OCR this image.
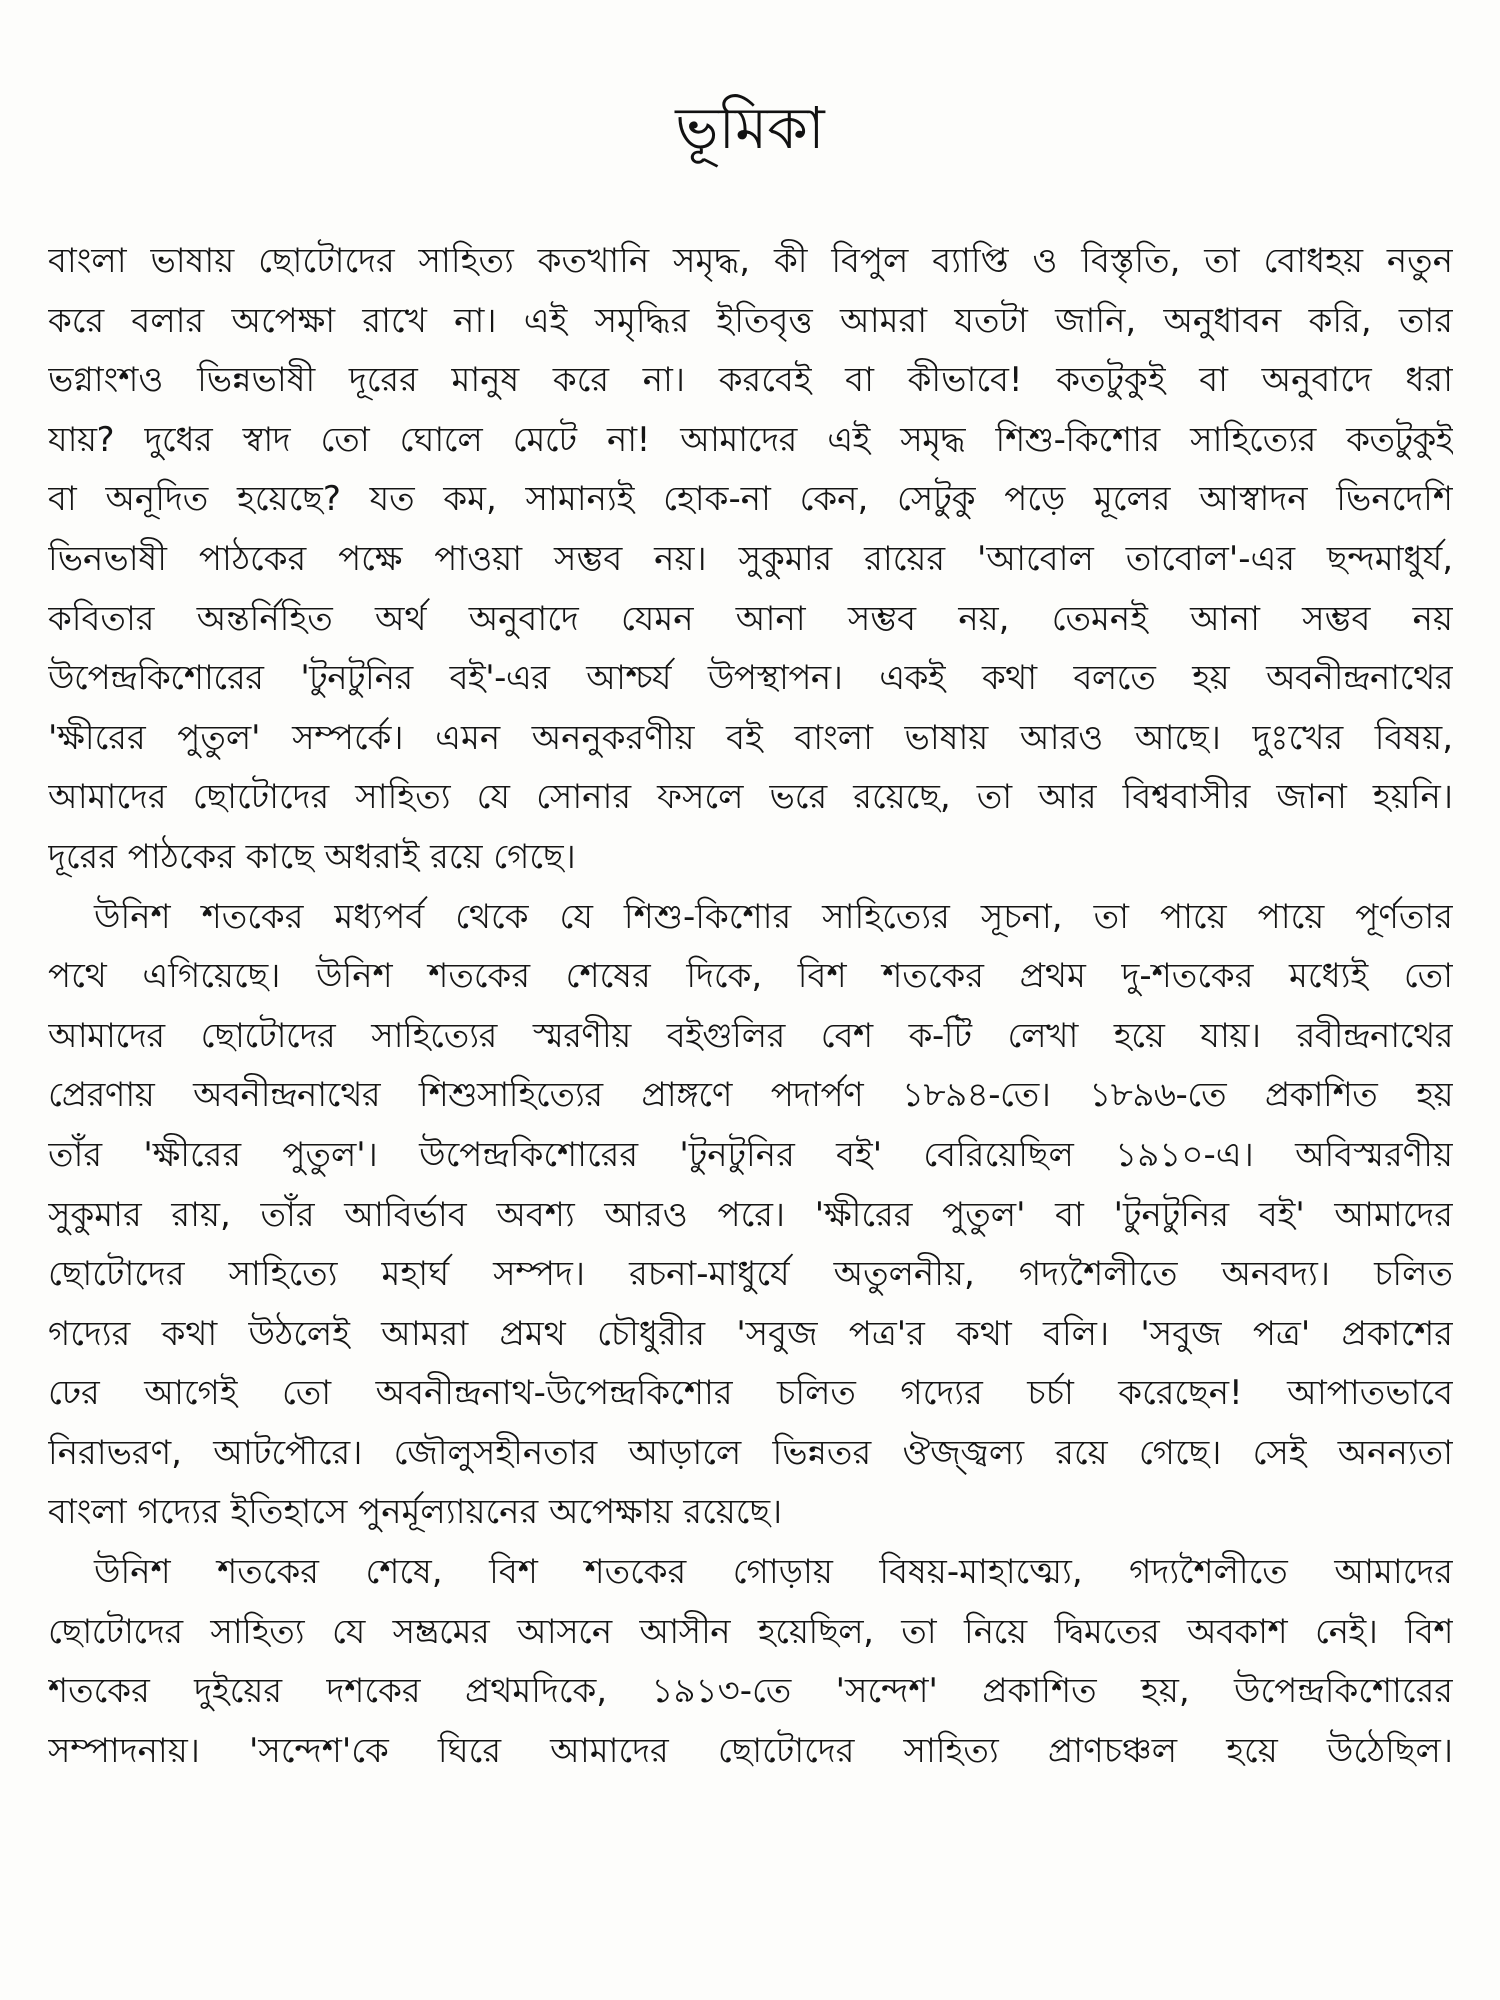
ভূমিকা
বাংলা ভাষায় ছোটোদের সাহিত্য কতখানি সমৃদ্ধ, কী বিপুল ব্যাপ্তি ও বিস্তৃতি, তা বোধহয় নতুন
করে বলার অপেক্ষা রাখে না। এই সমৃদ্ধির ইতিবৃত্ত আমরা যতটা জানি, অনুধাবন করি, তার
ভগ্নাংশও ভিন্নভাষী দূরের মানুষ করে না। করবেই বা কীভাবে! কতটুকুই বা অনুবাদে ধরা
যায়? দুধের স্বাদ তো ঘোলে মেটে না! আমাদের এই সমৃদ্ধ শিশু-কিশোর সাহিত্যের কতটুকুই
বা অনূদিত হয়েছে? যত কম, সামান্যই হোক-না কেন, সেটুকু পড়ে মূলের আস্বাদন ভিনদেশি
ভিনভাষী পাঠকের পক্ষে পাওয়া সম্ভব নয়। সুকুমার রায়ের 'আবোল তাবোল'-এর ছন্দমাধুর্য,
কবিতার অন্তর্নিহিত অর্থ অনুবাদে যেমন আনা সম্ভব নয়, তেমনই আনা সম্ভব নয়
উপেন্দ্রকিশোরের 'টুনটুনির বই'-এর আশ্চর্য উপস্থাপন। একই কথা বলতে হয় অবনীন্দ্রনাথের
'ক্ষীরের পুতুল' সম্পর্কে। এমন অননুকরণীয় বই বাংলা ভাষায় আরও আছে। দুঃখের বিষয়,
আমাদের ছোটোদের সাহিত্য যে সোনার ফসলে ভরে রয়েছে, তা আর বিশ্ববাসীর জানা হয়নি।
দূরের পাঠকের কাছে অধরাই রয়ে গেছে।
উনিশ শতকের মধ্যপর্ব থেকে যে শিশু-কিশোর সাহিত্যের সূচনা, তা পায়ে পায়ে পূর্ণতার
পথে এগিয়েছে। উনিশ শতকের শেষের দিকে, বিশ শতকের প্রথম দু-শতকের মধ্যেই তো
আমাদের ছোটোদের সাহিত্যের স্মরণীয় বইগুলির বেশ ক-টি লেখা হয়ে যায়। রবীন্দ্রনাথের
প্রেরণায় অবনীন্দ্রনাথের শিশুসাহিত্যের প্রাঙ্গণে পদার্পণ ১৮৯৪-তে। ১৮৯৬-তে প্রকাশিত হয়
তাঁর 'ক্ষীরের পুতুল'। উপেন্দ্রকিশোরের 'টুনটুনির বই' বেরিয়েছিল ১৯১০-এ। অবিস্মরণীয়
সুকুমার রায়, তাঁর আবির্ভাব অবশ্য আরও পরে। 'ক্ষীরের পুতুল' বা 'টুনটুনির বই' আমাদের
ছোটোদের সাহিত্যে মহার্ঘ সম্পদ। রচনা-মাধুর্যে অতুলনীয়, গদ্যশৈলীতে অনবদ্য। চলিত
গদ্যের কথা উঠলেই আমরা প্রমথ চৌধুরীর 'সবুজ পত্র'র কথা বলি। 'সবুজ পত্র' প্রকাশের
ঢের আগেই তো অবনীন্দ্রনাথ-উপেন্দ্রকিশোর চলিত গদ্যের চর্চা করেছেন! আপাতভাবে
নিরাভরণ, আটপৌরে। জৌলুসহীনতার আড়ালে ভিন্নতর ঔজ্জ্বল্য রয়ে গেছে। সেই অনন্যতা
বাংলা গদ্যের ইতিহাসে পুনর্মূল্যায়নের অপেক্ষায় রয়েছে।
উনিশ শতকের শেষে, বিশ শতকের গোড়ায় বিষয়-মাহাত্ম্যে, গদ্যশৈলীতে আমাদের
ছোটোদের সাহিত্য যে সম্ভ্রমের আসনে আসীন হয়েছিল, তা নিয়ে দ্বিমতের অবকাশ নেই। বিশ
শতকের দুইয়ের দশকের প্রথমদিকে, ১৯১৩-তে 'সন্দেশ' প্রকাশিত হয়, উপেন্দ্রকিশোরের
সম্পাদনায়। 'সন্দেশ'কে ঘিরে আমাদের ছোটোদের সাহিত্য প্রাণচঞ্চল হয়ে উঠেছিল।
